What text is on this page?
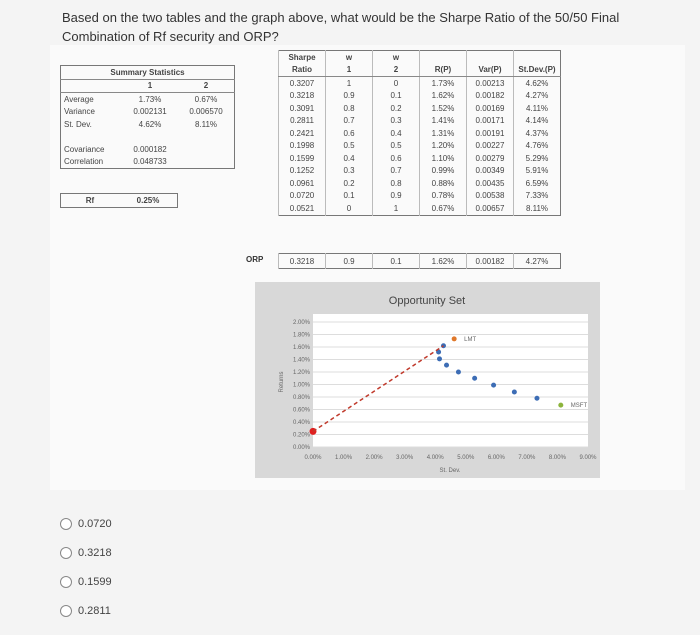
Based on the two tables and the graph above, what would be the Sharpe Ratio of the 50/50 Final Combination of Rf security and ORP?
Summary Statistics		
	1	2
Average	1.73%	0.67%
Variance	0.002131	0.006570
St. Dev.	4.62%	8.11%

Covariance	0.000182	
Correlation	0.048733	
Rf	0.25%
Sharpe	w	w			
Ratio	1	2	R(P)	Var(P)	St.Dev.(P)
0.3207	1	0	1.73%	0.00213	4.62%
0.3218	0.9	0.1	1.62%	0.00182	4.27%
0.3091	0.8	0.2	1.52%	0.00169	4.11%
0.2811	0.7	0.3	1.41%	0.00171	4.14%
0.2421	0.6	0.4	1.31%	0.00191	4.37%
0.1998	0.5	0.5	1.20%	0.00227	4.76%
0.1599	0.4	0.6	1.10%	0.00279	5.29%
0.1252	0.3	0.7	0.99%	0.00349	5.91%
0.0961	0.2	0.8	0.88%	0.00435	6.59%
0.0720	0.1	0.9	0.78%	0.00538	7.33%
0.0521	0	1	0.67%	0.00657	8.11%
ORP	0.3218	0.9	0.1	1.62%	0.00182	4.27%
0.00%
0.20%
0.40%
0.60%
0.80%
1.00%
1.20%
1.40%
1.60%
1.80%
2.00%
0.00% 1.00% 2.00% 3.00% 4.00% 5.00% 6.00% 7.00% 8.00% 9.00%
Opportunity Set
St. Dev.
Returns
LMT
MSFT
0.0720
0.3218
0.1599
0.2811
